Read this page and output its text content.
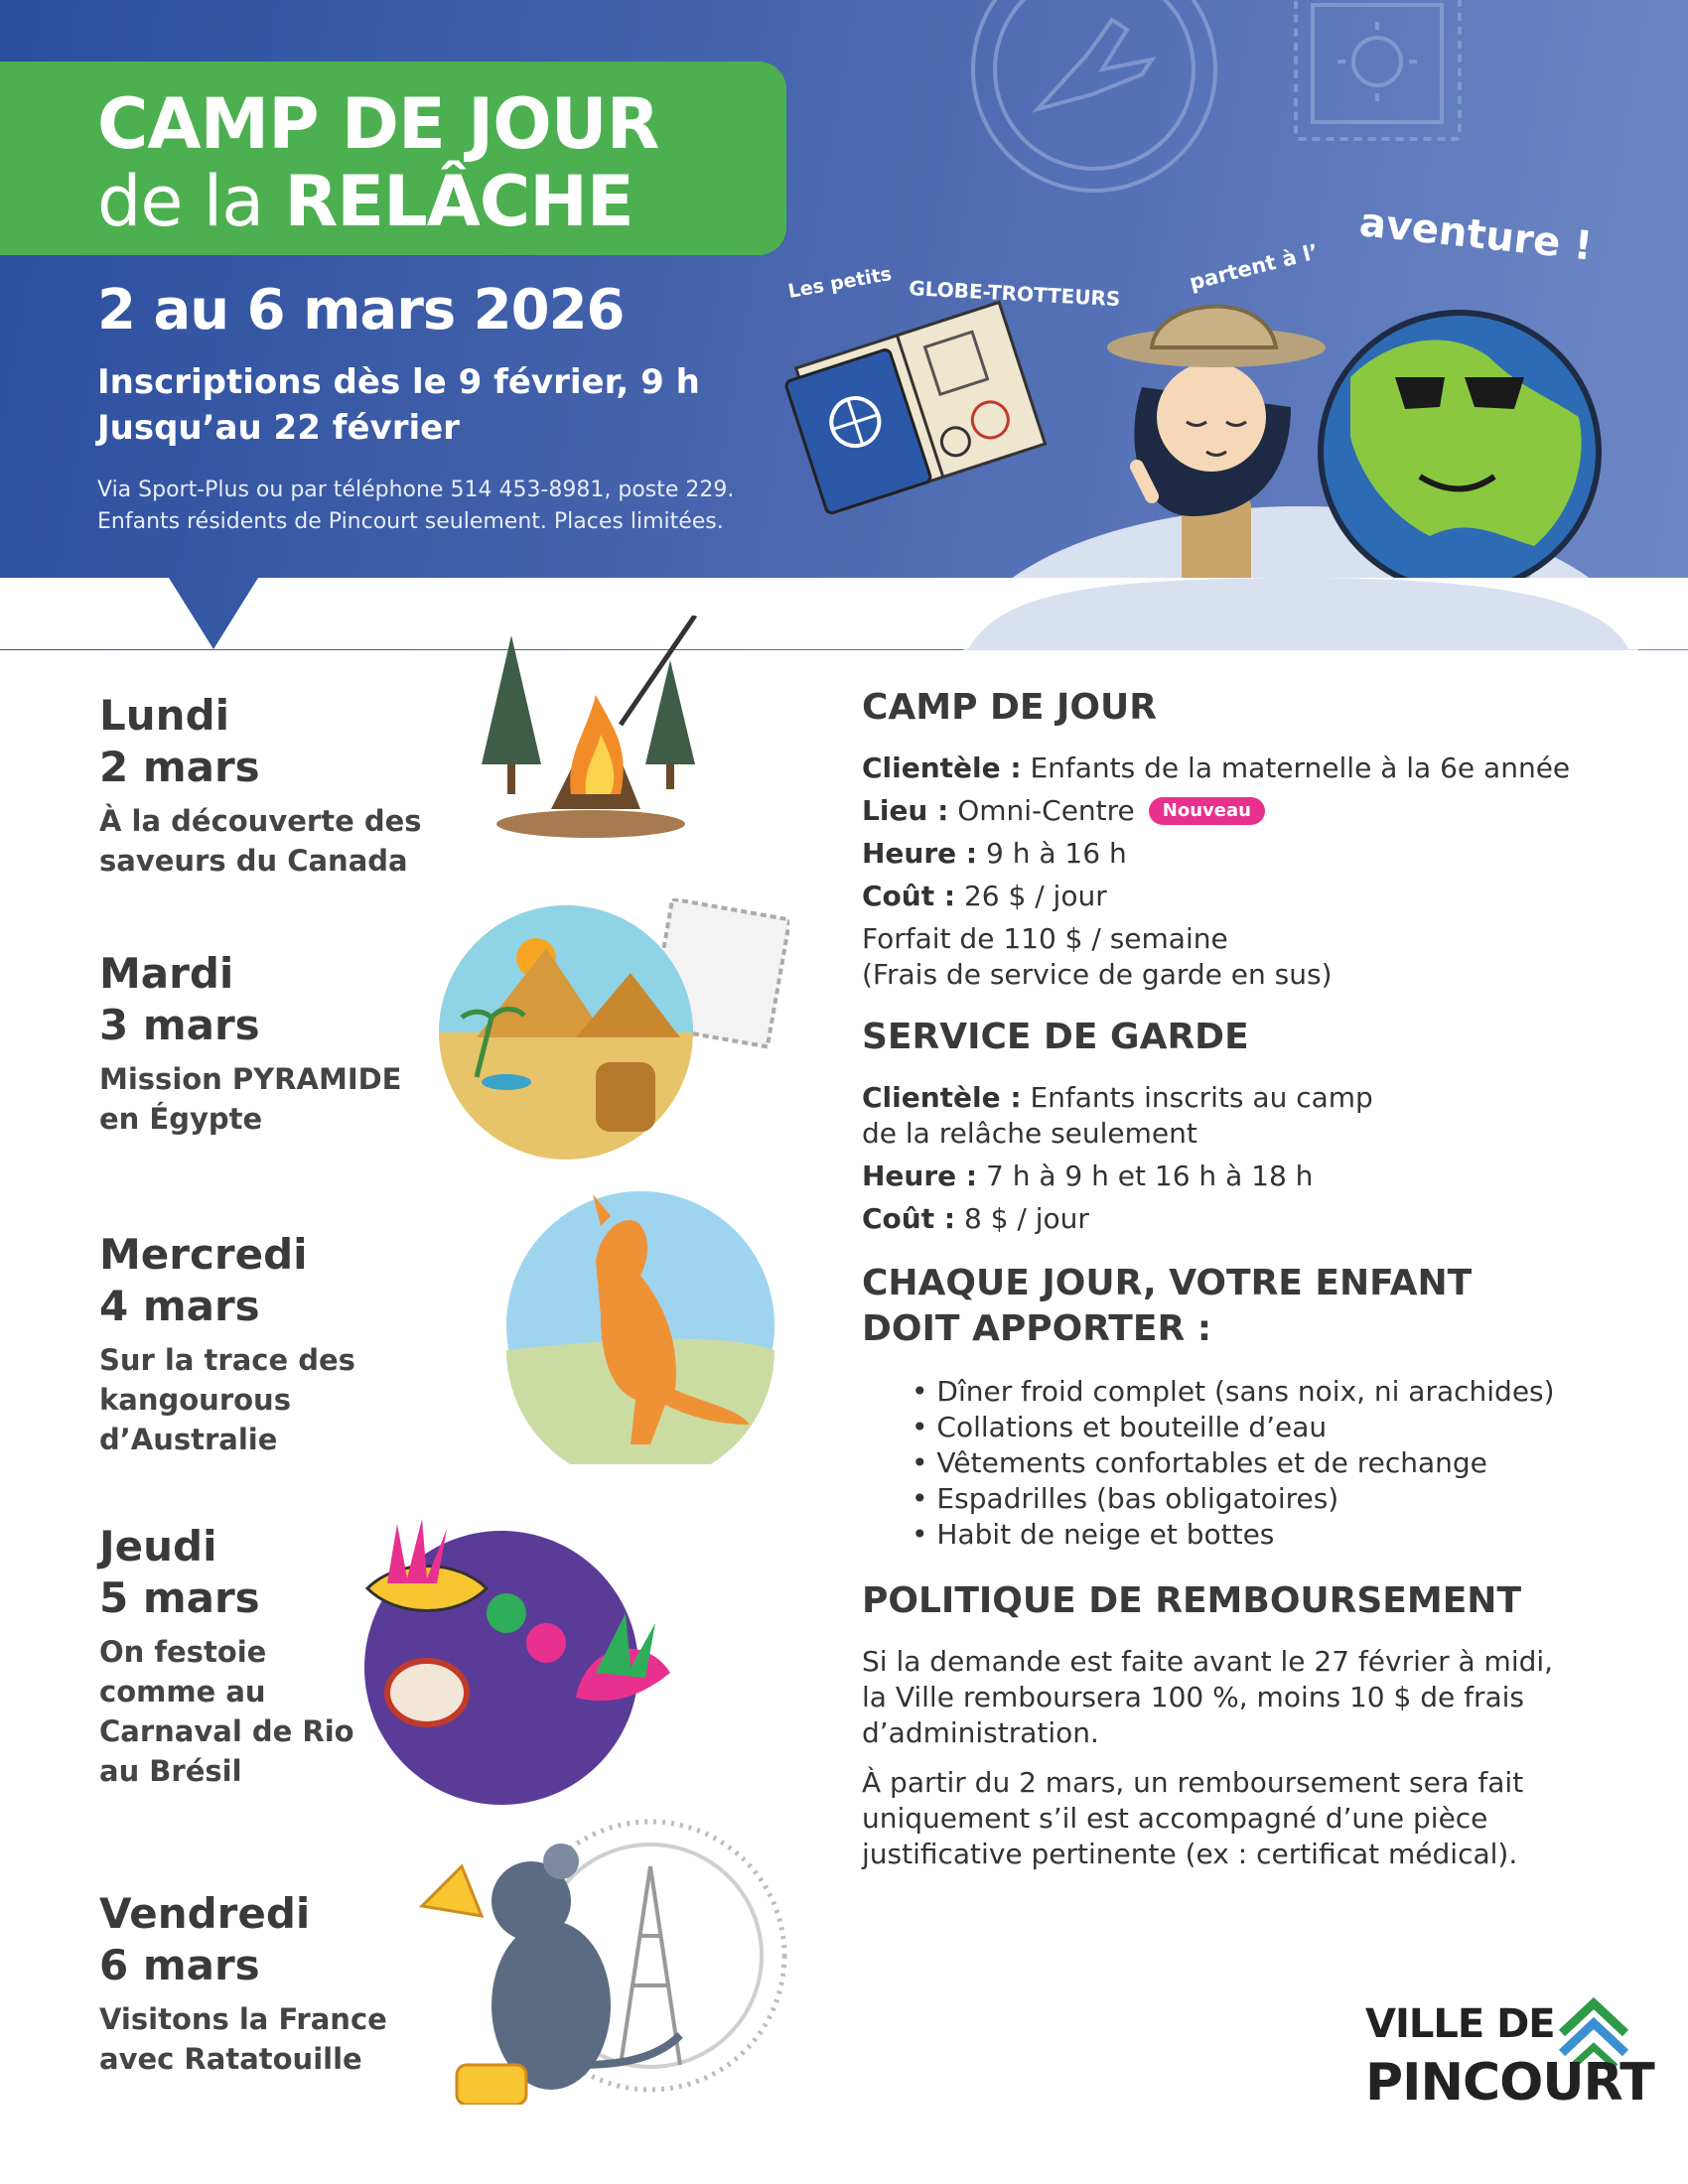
CAMP DE JOUR
de la RELÂCHE
2 au 6 mars 2026
Inscriptions dès le 9 février, 9 h
Jusqu’au 22 février
Via Sport-Plus ou par téléphone 514 453-8981, poste 229.
Enfants résidents de Pincourt seulement. Places limitées.
Les petits GLOBE-TROTTEURS	partent à l’ aventure !
Lundi
2 mars
À la découverte des
saveurs du Canada
Mardi
3 mars
Mission PYRAMIDE
en Égypte
Mercredi
4 mars
Sur la trace des
kangourous d’Australie
Jeudi
5 mars
On festoie
comme au
Carnaval de Rio
au Brésil
Vendredi
6 mars
Visitons la France
avec Ratatouille
CAMP DE JOUR
Clientèle : Enfants de la maternelle à la 6e année
Lieu : Omni-Centre Nouveau
Heure : 9 h à 16 h
Coût : 26 $ / jour
Forfait de 110 $ / semaine
(Frais de service de garde en sus)
SERVICE DE GARDE
Clientèle : Enfants inscrits au camp
de la relâche seulement
Heure : 7 h à 9 h et 16 h à 18 h
Coût : 8 $ / jour
CHAQUE JOUR, VOTRE ENFANT
DOIT APPORTER :
• Dîner froid complet (sans noix, ni arachides)
• Collations et bouteille d’eau
• Vêtements confortables et de rechange
• Espadrilles (bas obligatoires)
• Habit de neige et bottes
POLITIQUE DE REMBOURSEMENT
Si la demande est faite avant le 27 février à midi,
la Ville remboursera 100 %, moins 10 $ de frais
d’administration.
À partir du 2 mars, un remboursement sera fait
uniquement s’il est accompagné d’une pièce
justificative pertinente (ex : certificat médical).
VILLE DE
PINCOURT
